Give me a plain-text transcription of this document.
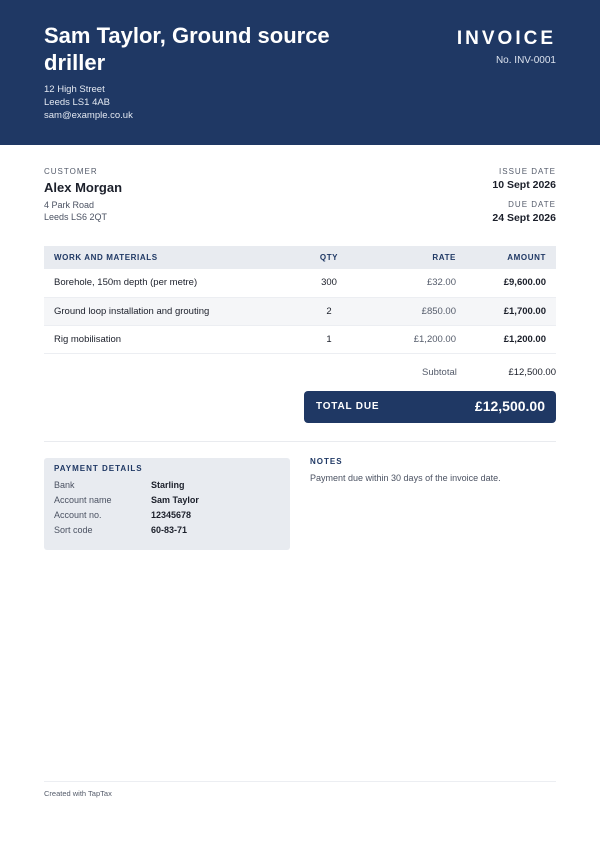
Sam Taylor, Ground source driller
12 High Street
Leeds LS1 4AB
sam@example.co.uk
INVOICE
No. INV-0001
CUSTOMER
Alex Morgan
4 Park Road
Leeds LS6 2QT
ISSUE DATE
10 Sept 2026
DUE DATE
24 Sept 2026
WORK AND MATERIALS	QTY	RATE	AMOUNT
Borehole, 150m depth (per metre)	300	£32.00	£9,600.00
Ground loop installation and grouting	2	£850.00	£1,700.00
Rig mobilisation	1	£1,200.00	£1,200.00
Subtotal	£12,500.00
TOTAL DUE	£12,500.00
PAYMENT DETAILS
Bank	Starling
Account name	Sam Taylor
Account no.	12345678
Sort code	60-83-71
NOTES
Payment due within 30 days of the invoice date.
Created with TapTax
